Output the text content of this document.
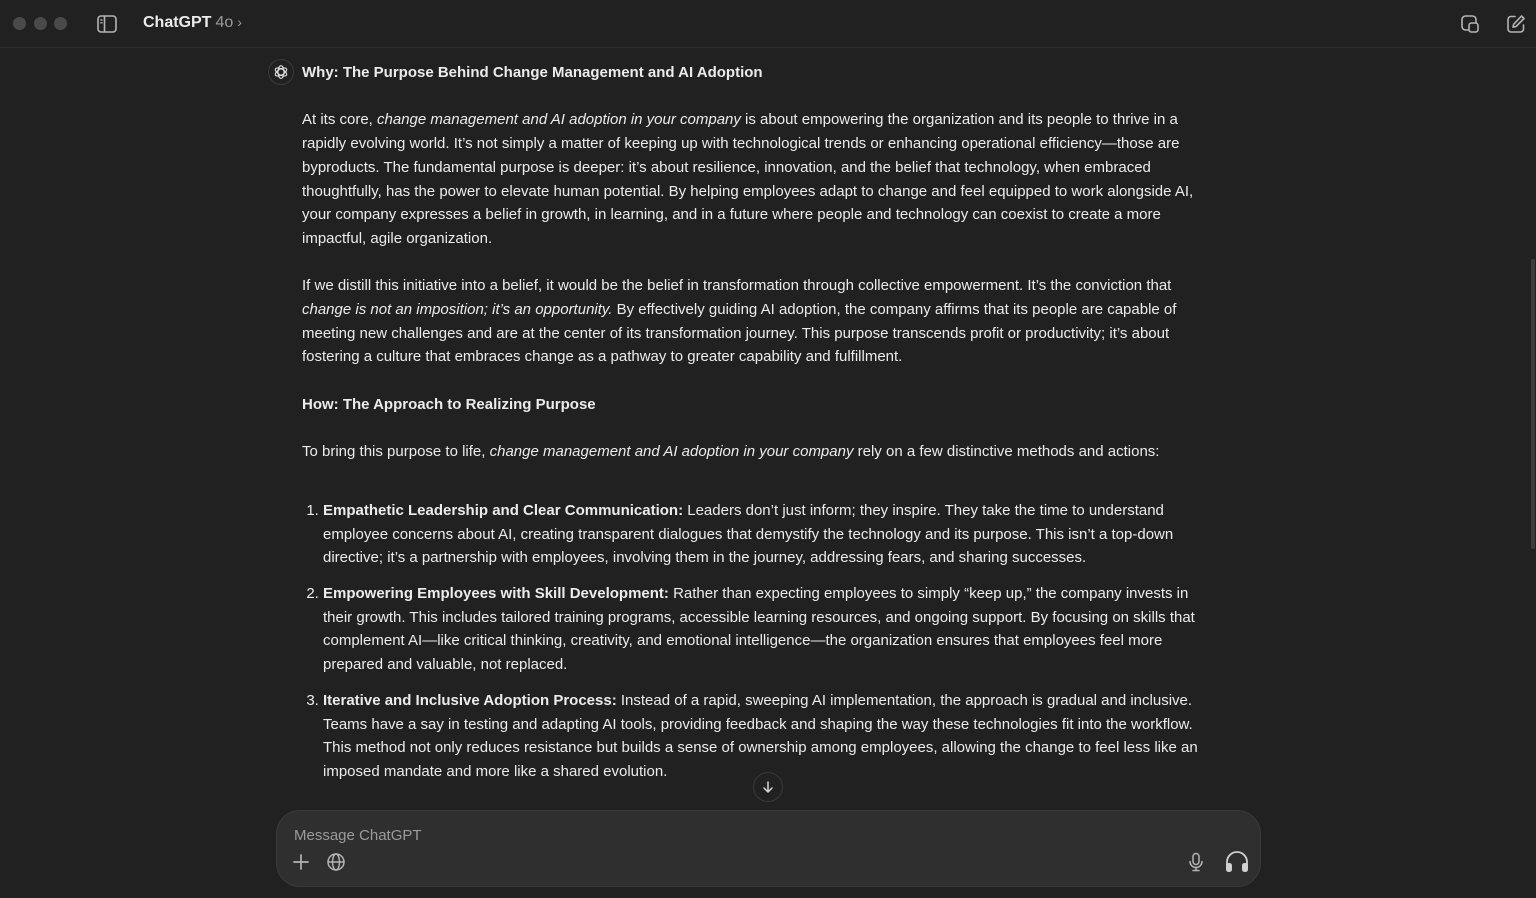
ChatGPT 4o ›
Why: The Purpose Behind Change Management and AI Adoption

At its core, change management and AI adoption in your company is about empowering the organization and its people to thrive in a rapidly evolving world. It’s not simply a matter of keeping up with technological trends or enhancing operational efficiency—those are byproducts. The fundamental purpose is deeper: it’s about resilience, innovation, and the belief that technology, when embraced thoughtfully, has the power to elevate human potential. By helping employees adapt to change and feel equipped to work alongside AI, your company expresses a belief in growth, in learning, and in a future where people and technology can coexist to create a more impactful, agile organization.

If we distill this initiative into a belief, it would be the belief in transformation through collective empowerment. It’s the conviction that change is not an imposition; it’s an opportunity. By effectively guiding AI adoption, the company affirms that its people are capable of meeting new challenges and are at the center of its transformation journey. This purpose transcends profit or productivity; it’s about fostering a culture that embraces change as a pathway to greater capability and fulfillment.

How: The Approach to Realizing Purpose

To bring this purpose to life, change management and AI adoption in your company rely on a few distinctive methods and actions:

1. Empathetic Leadership and Clear Communication: Leaders don’t just inform; they inspire. They take the time to understand employee concerns about AI, creating transparent dialogues that demystify the technology and its purpose. This isn’t a top-down directive; it’s a partnership with employees, involving them in the journey, addressing fears, and sharing successes.
2. Empowering Employees with Skill Development: Rather than expecting employees to simply “keep up,” the company invests in their growth. This includes tailored training programs, accessible learning resources, and ongoing support. By focusing on skills that complement AI—like critical thinking, creativity, and emotional intelligence—the organization ensures that employees feel more prepared and valuable, not replaced.
3. Iterative and Inclusive Adoption Process: Instead of a rapid, sweeping AI implementation, the approach is gradual and inclusive. Teams have a say in testing and adapting AI tools, providing feedback and shaping the way these technologies fit into the workflow. This method not only reduces resistance but builds a sense of ownership among employees, allowing the change to feel less like an imposed mandate and more like a shared evolution.
Message ChatGPT
